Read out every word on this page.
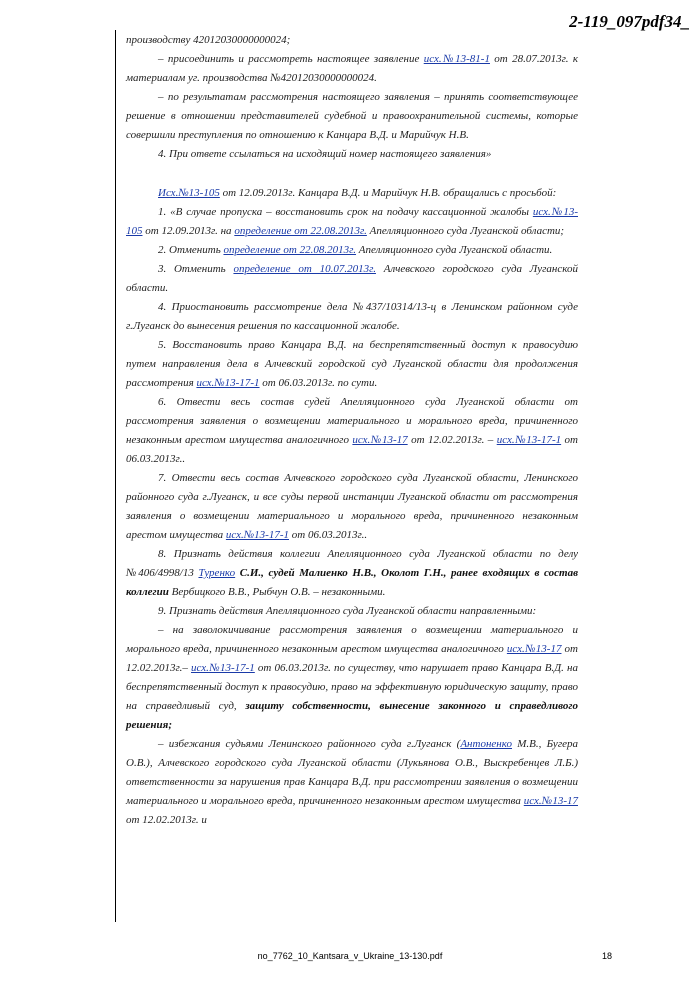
2-119_097pdf34_

производству 42012030000000024;

– присоединить и рассмотреть настоящее заявление исх.№13-81-1 от 28.07.2013г. к материалам уг. производства №42012030000000024.

– по результатам рассмотрения настоящего заявления – принять соответствующее решение в отношении представителей судебной и правоохранительной системы, которые совершили преступления по отношению к Канцара В.Д. и Марийчук Н.В.

4. При ответе ссылаться на исходящий номер настоящего заявления»

Исх.№13-105 от 12.09.2013г. Канцара В.Д. и Марийчук Н.В. обращались с просьбой:

1. «В случае пропуска – восстановить срок на подачу кассационной жалобы исх.№13-105 от 12.09.2013г. на определение от 22.08.2013г. Апелляционного суда Луганской области;

2. Отменить определение от 22.08.2013г. Апелляционного суда Луганской области.

3. Отменить определение от 10.07.2013г. Алчевского городского суда Луганской области.

4. Приостановить рассмотрение дела №437/10314/13-ц в Ленинском районном суде г.Луганск до вынесения решения по кассационной жалобе.

5. Восстановить право Канцара В.Д. на беспрепятственный доступ к правосудию путем направления дела в Алчевский городской суд Луганской области для продолжения рассмотрения исх.№13-17-1 от 06.03.2013г. по сути.

6. Отвести весь состав судей Апелляционного суда Луганской области от рассмотрения заявления о возмещении материального и морального вреда, причиненного незаконным арестом имущества аналогичного исх.№13-17 от 12.02.2013г. – исх.№13-17-1 от 06.03.2013г..

7. Отвести весь состав Алчевского городского суда Луганской области, Ленинского районного суда г.Луганск, и все суды первой инстанции Луганской области от рассмотрения заявления о возмещении материального и морального вреда, причиненного незаконным арестом имущества исх.№13-17-1 от 06.03.2013г..

8. Признать действия коллегии Апелляционного суда Луганской области по делу №406/4998/13 Туренко С.И., судей Малиенко Н.В., Околот Г.Н., ранее входящих в состав коллегии Вербицкого В.В., Рыбчун О.В. – незаконными.

9. Признать действия Апелляционного суда Луганской области направленными:

– на заволокичивание рассмотрения заявления о возмещении материального и морального вреда, причиненного незаконным арестом имущества аналогичного исх.№13-17 от 12.02.2013г.– исх.№13-17-1 от 06.03.2013г. по существу, что нарушает право Канцара В.Д. на беспрепятственный доступ к правосудию, право на эффективную юридическую защиту, право на справедливый суд, защиту собственности, вынесение законного и справедливого решения;

– избежания судьями Ленинского районного суда г.Луганск (Антоненко М.В., Бугера О.В.), Алчевского городского суда Луганской области (Лукьянова О.В., Выскребенцев Л.Б.) ответственности за нарушения прав Канцара В.Д. при рассмотрении заявления о возмещении материального и морального вреда, причиненного незаконным арестом имущества исх.№13-17 от 12.02.2013г. и

no_7762_10_Kantsara_v_Ukraine_13-130.pdf	18
